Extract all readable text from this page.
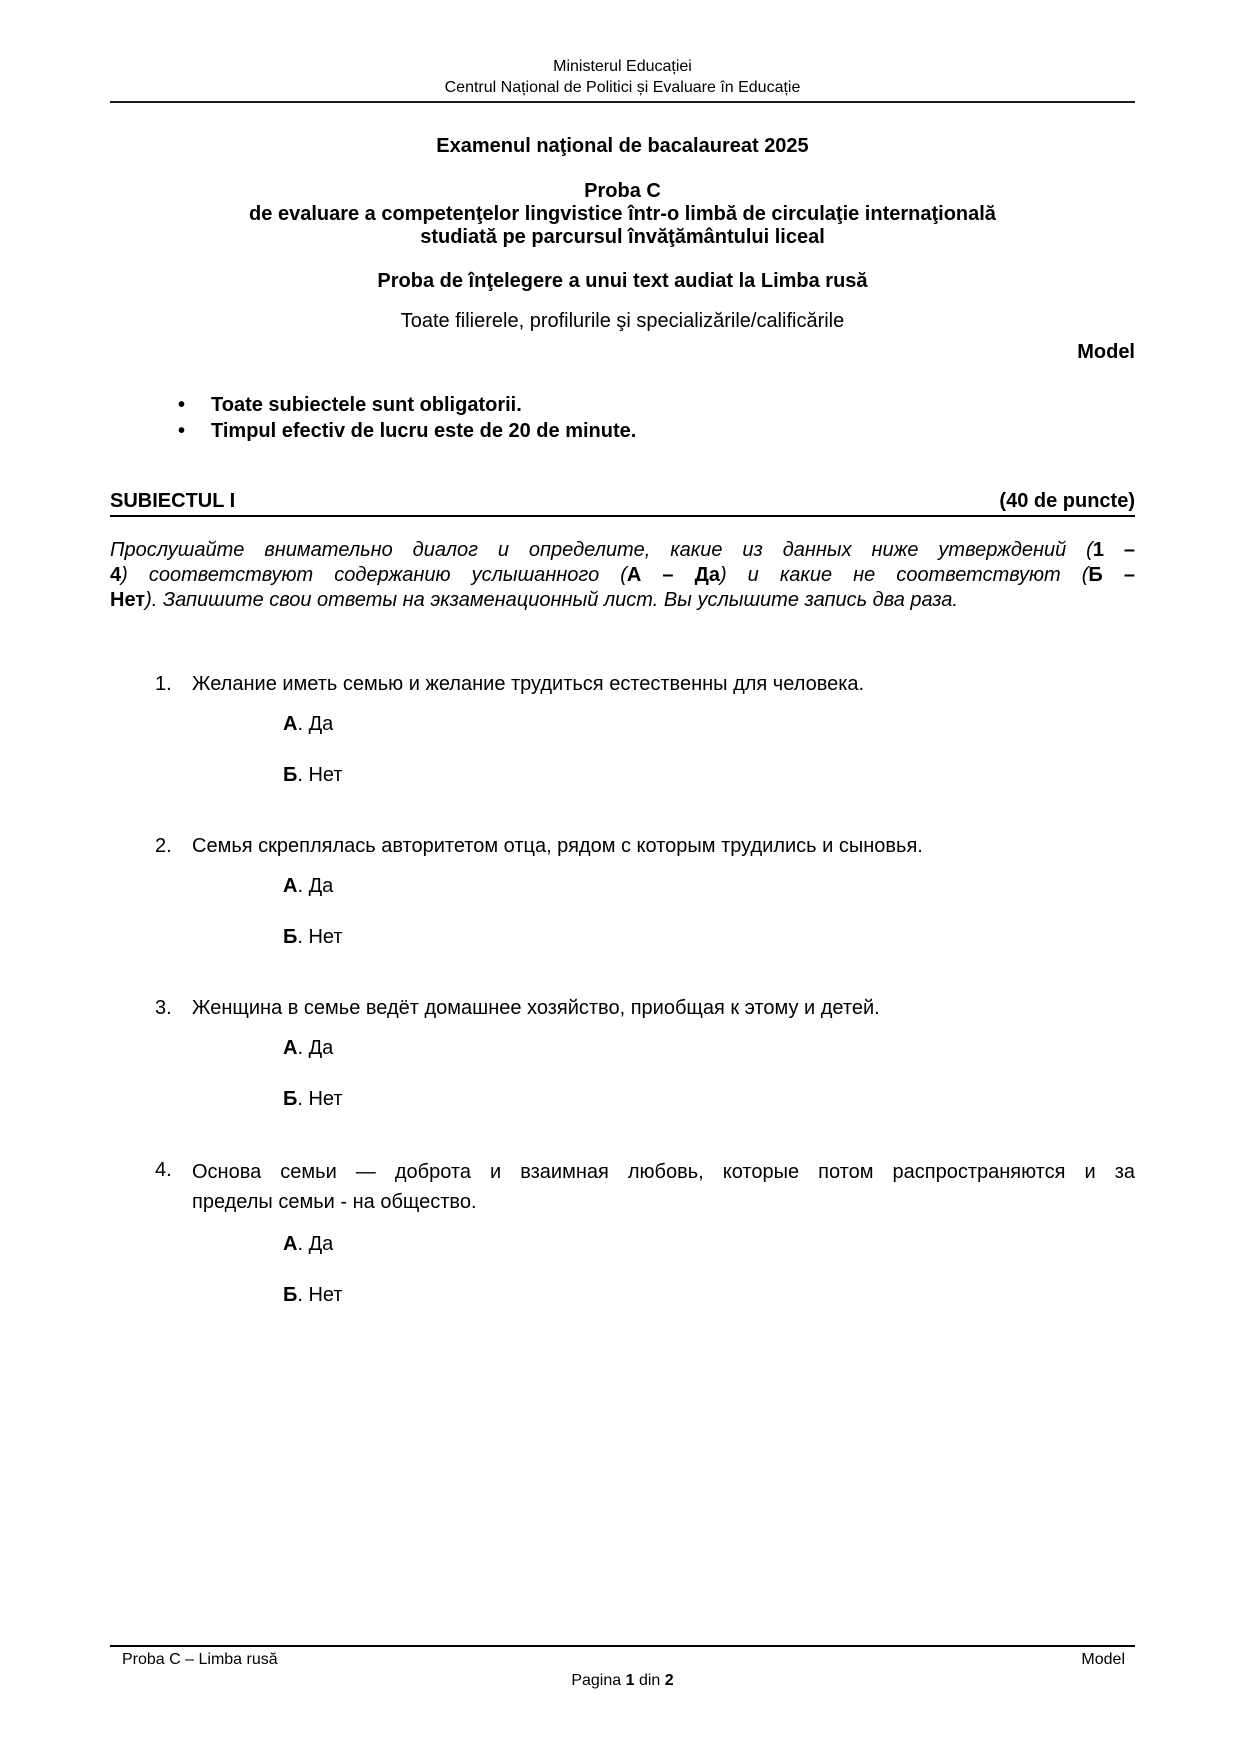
Ministerul Educației
Centrul Național de Politici și Evaluare în Educație
Examenul naţional de bacalaureat 2025
Proba C
de evaluare a competenţelor lingvistice într-o limbă de circulaţie internaţională
studiată pe parcursul învăţământului liceal
Proba de înţelegere a unui text audiat la Limba rusă
Toate filierele, profilurile şi specializările/calificările
Model
•	Toate subiectele sunt obligatorii.
•	Timpul efectiv de lucru este de 20 de minute.
SUBIECTUL I	(40 de puncte)
Прослушайте внимательно диалог и определите, какие из данных ниже утверждений (1 –
4) соответствуют содержанию услышанного (А – Да) и какие не соответствуют (Б –
Нет). Запишите свои ответы на экзаменационный лист. Вы услышите запись два раза.
1.	Желание иметь семью и желание трудиться естественны для человека.
А. Да
Б. Нет
2.	Семья скреплялась авторитетом отца, рядом с которым трудились и сыновья.
А. Да
Б. Нет
3.	Женщина в семье ведёт домашнее хозяйство, приобщая к этому и детей.
А. Да
Б. Нет
4.	Основа семьи — доброта и взаимная любовь, которые потом распространяются и за
пределы семьи - на общество.
А. Да
Б. Нет
Proba C – Limba rusă	Model
Pagina 1 din 2
